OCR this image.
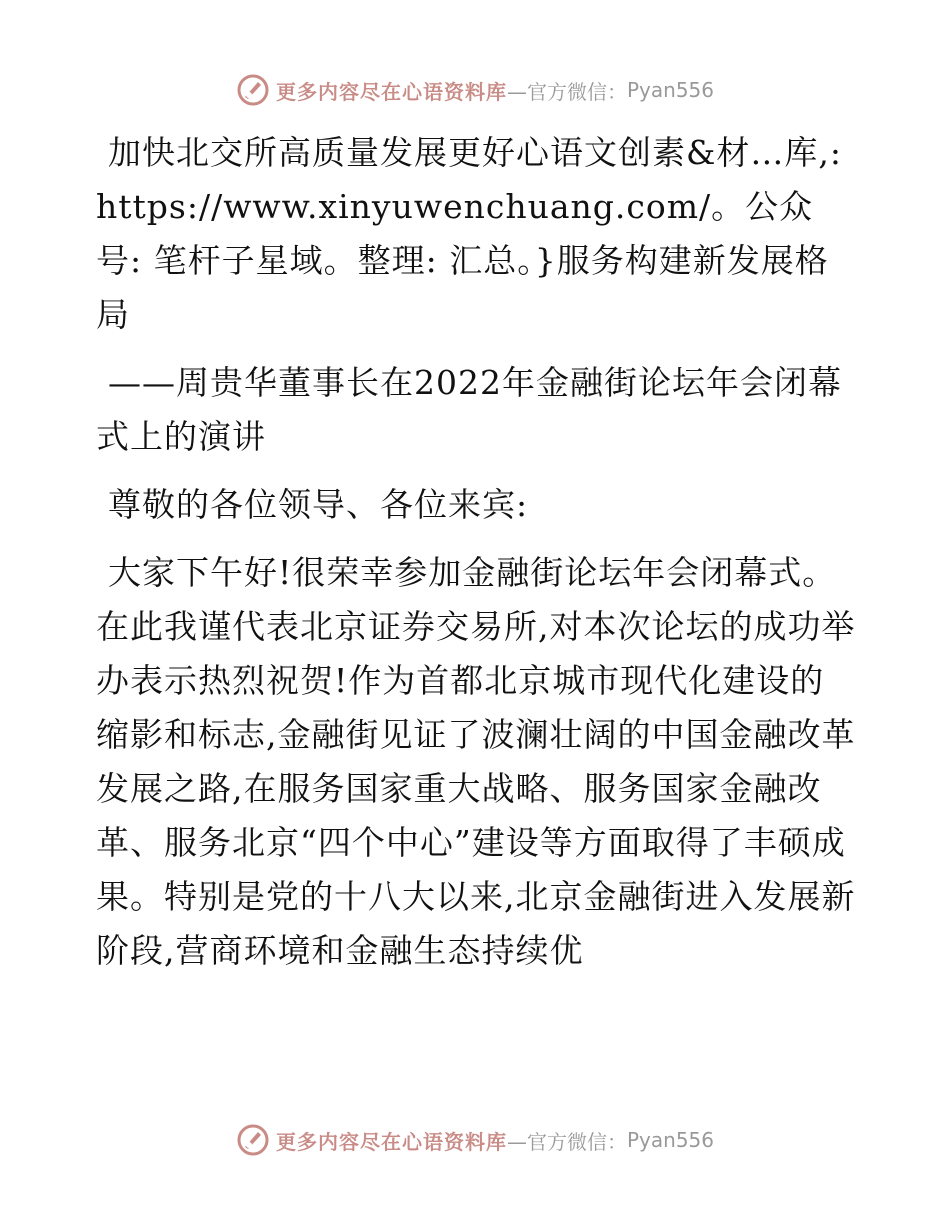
更多内容尽在心语资料库 —官方微信： Pyan556

加快北交所高质量发展更好心语文创素&材…库,: https://www.xinyuwenchuang.com/。公众号: 笔杆子星域。整理: 汇总。}服务构建新发展格局

——周贵华董事长在2022年金融街论坛年会闭幕式上的演讲

尊敬的各位领导、各位来宾:

大家下午好!很荣幸参加金融街论坛年会闭幕式。在此我谨代表北京证券交易所,对本次论坛的成功举办表示热烈祝贺!作为首都北京城市现代化建设的缩影和标志,金融街见证了波澜壮阔的中国金融改革发展之路,在服务国家重大战略、服务国家金融改革、服务北京“四个中心”建设等方面取得了丰硕成果。特别是党的十八大以来,北京金融街进入发展新阶段,营商环境和金融生态持续优

更多内容尽在心语资料库 —官方微信： Pyan556
